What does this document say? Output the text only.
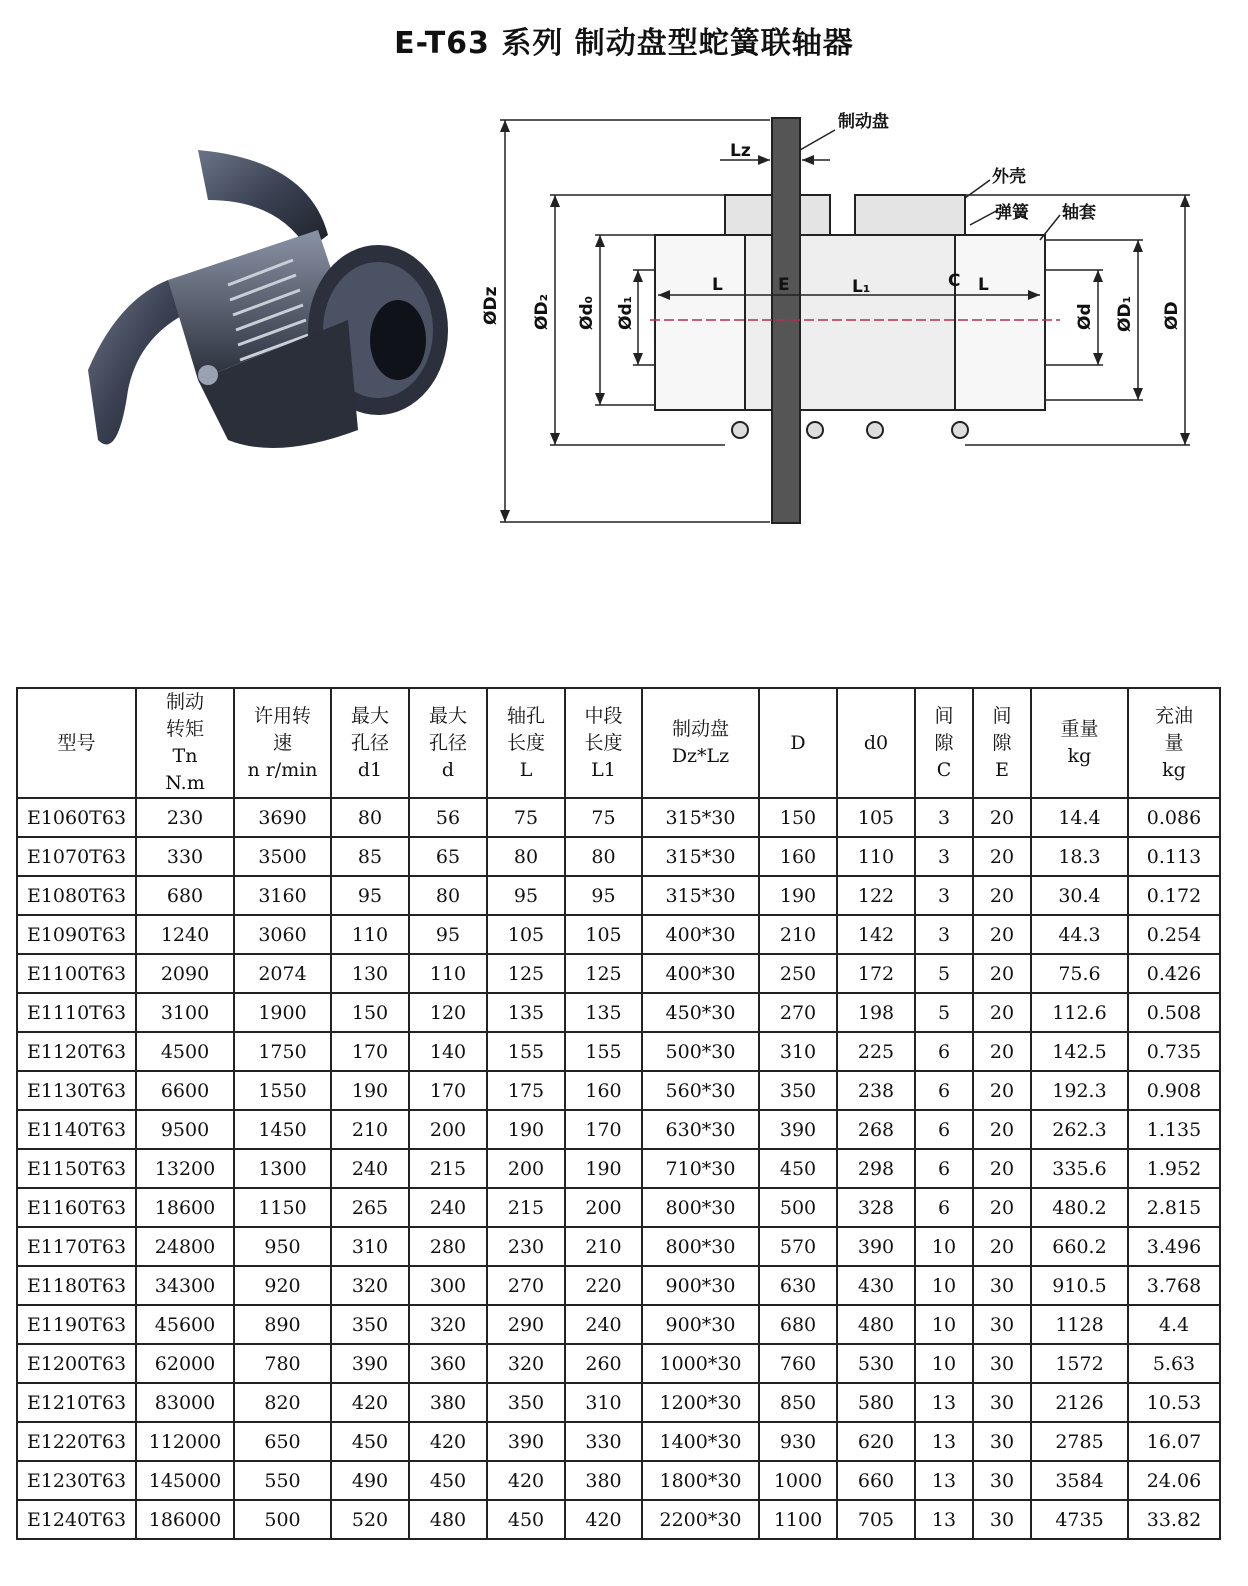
E-T63 系列 制动盘型蛇簧联轴器
制动盘
外壳
弹簧 轴套
Lz
L	E	L₁	C L
ØDz ØD₂ Ød₀ Ød₁	Ød ØD₁ ØD
型号	制动
转矩
Tn
N.m	许用转
速
n r/min	最大
孔径
d1	最大
孔径
d	轴孔
长度
L	中段
长度
L1	制动盘
Dz*Lz	D	d0	间
隙
C	间
隙
E	重量
kg	充油
量
kg

E1060T63	230	3690	80	56	75	75	315*30	150	105	3	20	14.4	0.086
E1070T63	330	3500	85	65	80	80	315*30	160	110	3	20	18.3	0.113
E1080T63	680	3160	95	80	95	95	315*30	190	122	3	20	30.4	0.172
E1090T63	1240	3060	110	95	105	105	400*30	210	142	3	20	44.3	0.254
E1100T63	2090	2074	130	110	125	125	400*30	250	172	5	20	75.6	0.426
E1110T63	3100	1900	150	120	135	135	450*30	270	198	5	20	112.6	0.508
E1120T63	4500	1750	170	140	155	155	500*30	310	225	6	20	142.5	0.735
E1130T63	6600	1550	190	170	175	160	560*30	350	238	6	20	192.3	0.908
E1140T63	9500	1450	210	200	190	170	630*30	390	268	6	20	262.3	1.135
E1150T63	13200	1300	240	215	200	190	710*30	450	298	6	20	335.6	1.952
E1160T63	18600	1150	265	240	215	200	800*30	500	328	6	20	480.2	2.815
E1170T63	24800	950	310	280	230	210	800*30	570	390	10	20	660.2	3.496
E1180T63	34300	920	320	300	270	220	900*30	630	430	10	30	910.5	3.768
E1190T63	45600	890	350	320	290	240	900*30	680	480	10	30	1128	4.4
E1200T63	62000	780	390	360	320	260	1000*30	760	530	10	30	1572	5.63
E1210T63	83000	820	420	380	350	310	1200*30	850	580	13	30	2126	10.53
E1220T63	112000	650	450	420	390	330	1400*30	930	620	13	30	2785	16.07
E1230T63	145000	550	490	450	420	380	1800*30	1000	660	13	30	3584	24.06
E1240T63	186000	500	520	480	450	420	2200*30	1100	705	13	30	4735	33.82
